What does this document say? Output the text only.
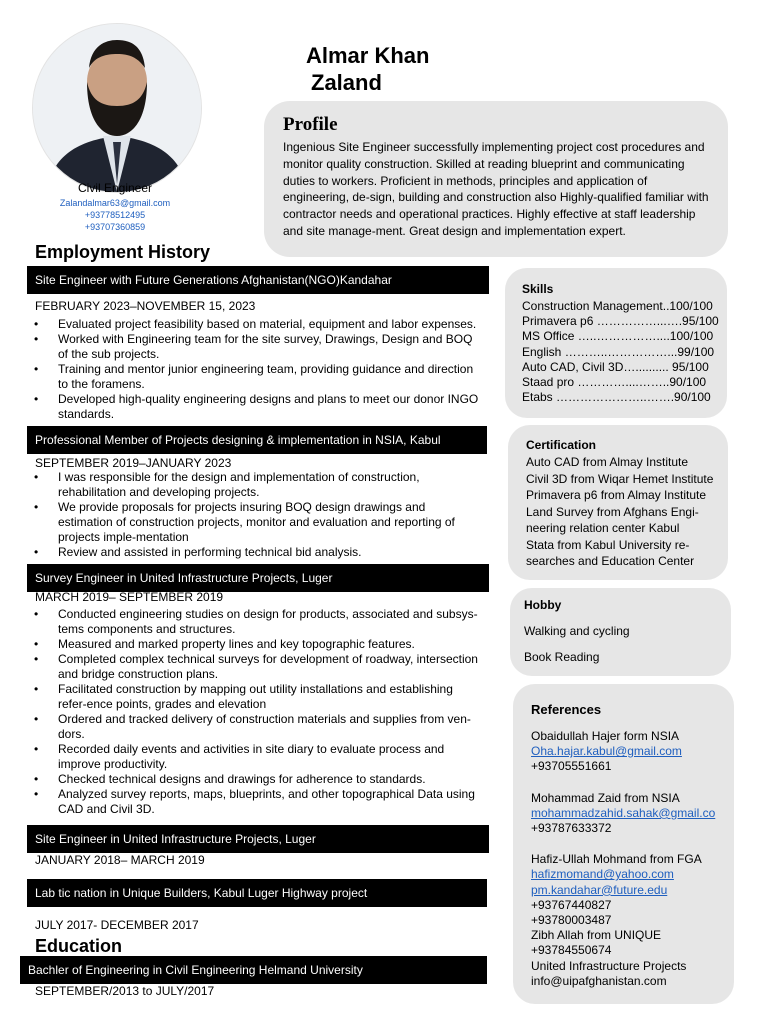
Almar Khan
Zaland
Civil Engineer
Zalandalmar63@gmail.com
+93778512495
+93707360859
Profile

Ingenious Site Engineer successfully implementing project cost procedures and monitor quality construction. Skilled at reading blueprint and communicating duties to workers. Proficient in methods, principles and application of engineering, de-sign, building and construction also Highly-qualified familiar with contractor needs and operational practices. Highly effective at staff leadership and site manage-ment. Great design and implementation expert.

Employment History
Site Engineer with Future Generations Afghanistan(NGO)Kandahar
FEBRUARY 2023–NOVEMBER 15, 2023
• Evaluated project feasibility based on material, equipment and labor expenses.
• Worked with Engineering team for the site survey, Drawings, Design and BOQ of the sub projects.
• Training and mentor junior engineering team, providing guidance and direction to the foramens.
• Developed high-quality engineering designs and plans to meet our donor INGO standards.
Professional Member of Projects designing & implementation in NSIA, Kabul
SEPTEMBER 2019–JANUARY 2023
• I was responsible for the design and implementation of construction, rehabilitation and developing projects.
• We provide proposals for projects insuring BOQ design drawings and estimation of construction projects, monitor and evaluation and reporting of projects imple-mentation
• Review and assisted in performing technical bid analysis.
Survey Engineer in United Infrastructure Projects, Luger
MARCH 2019– SEPTEMBER 2019
• Conducted engineering studies on design for products, associated and subsys-tems components and structures.
• Measured and marked property lines and key topographic features.
• Completed complex technical surveys for development of roadway, intersection and bridge construction plans.
• Facilitated construction by mapping out utility installations and establishing refer-ence points, grades and elevation
• Ordered and tracked delivery of construction materials and supplies from ven-dors.
• Recorded daily events and activities in site diary to evaluate process and improve productivity.
• Checked technical designs and drawings for adherence to standards.
• Analyzed survey reports, maps, blueprints, and other topographical Data using CAD and Civil 3D.
Site Engineer in United Infrastructure Projects, Luger
JANUARY 2018– MARCH 2019
Lab tic nation in Unique Builders, Kabul Luger Highway project
JULY 2017- DECEMBER 2017
Education
Bachler of Engineering in Civil Engineering Helmand University
SEPTEMBER/2013 to JULY/2017
Skills
Construction Management..100/100
Primavera p6 ……………...….95/100
MS Office …..……………....100/100
English ………..……………...99/100
Auto CAD, Civil 3D….......... 95/100
Staad pro …………....……..90/100
Etabs …………………..…….90/100
Certification
Auto CAD from Almay Institute
Civil 3D from Wiqar Hemet Institute
Primavera p6 from Almay Institute
Land Survey from Afghans Engi-
neering relation center Kabul
Stata from Kabul University re-
searches and Education Center
Hobby
Walking and cycling
Book Reading
References
Obaidullah Hajer form NSIA
Oha.hajar.kabul@gmail.com
+93705551661
Mohammad Zaid from NSIA
mohammadzahid.sahak@gmail.co
+93787633372
Hafiz-Ullah Mohmand from FGA
hafizmomand@yahoo.com
pm.kandahar@future.edu
+93767440827
+93780003487
Zibh Allah from UNIQUE
+93784550674
United Infrastructure Projects
info@uipafghanistan.com
